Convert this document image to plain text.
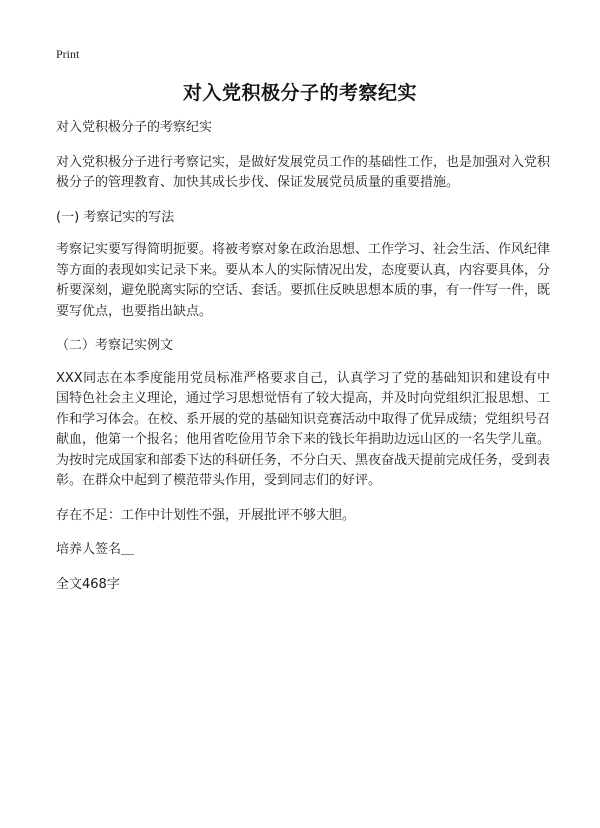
Print
对入党积极分子的考察纪实

对入党积极分子的考察纪实

对入党积极分子进行考察记实，是做好发展党员工作的基础性工作，也是加强对入党积极分子的管理教育、加快其成长步伐、保证发展党员质量的重要措施。

(一) 考察记实的写法

考察记实要写得简明扼要。将被考察对象在政治思想、工作学习、社会生活、作风纪律等方面的表现如实记录下来。要从本人的实际情况出发，态度要认真，内容要具体，分析要深刻，避免脱离实际的空话、套话。要抓住反映思想本质的事，有一件写一件，既要写优点，也要指出缺点。

（二）考察记实例文

XXX同志在本季度能用党员标准严格要求自己，认真学习了党的基础知识和建设有中国特色社会主义理论，通过学习思想觉悟有了较大提高，并及时向党组织汇报思想、工作和学习体会。在校、系开展的党的基础知识竞赛活动中取得了优异成绩；党组织号召献血，他第一个报名；他用省吃俭用节余下来的钱长年捐助边远山区的一名失学儿童。为按时完成国家和部委下达的科研任务，不分白天、黑夜奋战天提前完成任务，受到表彰。在群众中起到了模范带头作用，受到同志们的好评。

存在不足：工作中计划性不强，开展批评不够大胆。

培养人签名＿

全文468字
